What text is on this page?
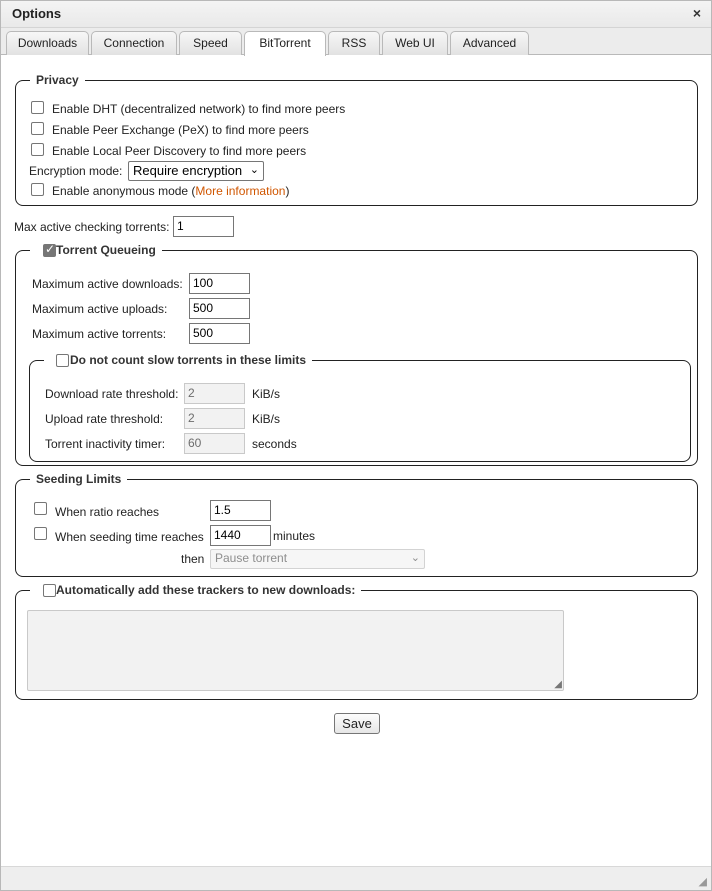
Options	×
Downloads	Connection	Speed	BitTorrent	RSS	Web UI	Advanced
Privacy
Enable DHT (decentralized network) to find more peers
Enable Peer Exchange (PeX) to find more peers
Enable Local Peer Discovery to find more peers
Encryption mode: Require encryption ⌄
Enable anonymous mode (More information)
Max active checking torrents: 1
Torrent Queueing
✓
Maximum active downloads: 100
Maximum active uploads:	500
Maximum active torrents:	500
Do not count slow torrents in these limits
Download rate threshold: 2	KiB/s
Upload rate threshold:	2	KiB/s
Torrent inactivity timer:	60	seconds
Seeding Limits
When ratio reaches	1.5
When seeding time reaches 1440	minutes
then Pause torrent	⌄
Automatically add these trackers to new downloads:
◢
Save
◢
